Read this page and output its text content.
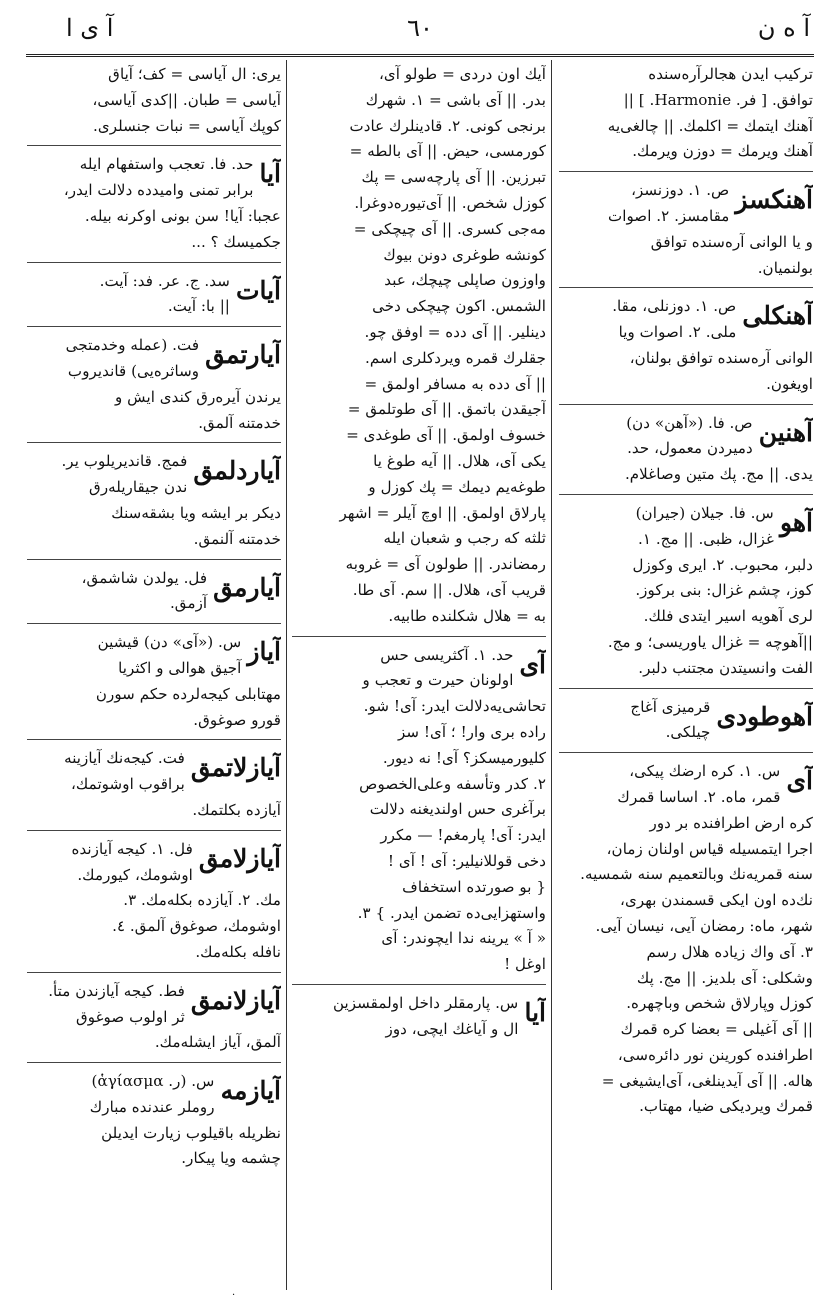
آ ه ن
٦٠
آ ى ا
ترکیب ایدن هجالرآره‌سنده
توافق. [ فر. Harmonie. ] ||
آهنك ایتمك = اكلمك. || چالغی‌یه
آهنك ویرمك = دوزن ویرمك.
آهنکسز
ص. ۱. دوزنسز،
مقامسز. ۲. اصوات
و یا الوانی آره‌سنده توافق
بولنمیان.
آهنکلی
ص. ۱. دوزنلی، مقا.
ملی. ۲. اصوات ویا
الوانی آره‌سنده توافق بولنان،
اویغون.
آهنین
ص. فا. («آهن» دن)
دمیردن معمول، حد.
یدی. || مج. پك متین وصاغلام.
آهو
س. فا. جیلان (جیران)
غزال، ظبی. || مج. ۱.
دلبر، محبوب. ۲. ایری وکوزل
کوز، چشم غزال: بنی برکوز.
لری آهویه اسیر ایتدی فلك.
||آهوچه = غزال یاوریسی؛ و مج.
الفت وانسیتدن مجتنب دلبر.
آهوطودی
قرمیزی آغاج
چیلکی.
آی
س. ۱. کره ارضك پیکی،
قمر، ماه. ۲. اساسا قمرك
کره ارض اطرافنده بر دور
اجرا ایتمسیله قیاس اولنان زمان،
سنه قمریه‌نك وبالتعمیم سنه شمسیه.
نك‌ده اون ایکی قسمندن بهری،
شهر، ماه: رمضان آیی، نیسان آیی.
۳. آی واك زیاده هلال رسم
وشکلی: آی بلدیز. || مج. پك
کوزل وپارلاق شخص وباچهره.
|| آی آغیلی = بعضا کره قمرك
اطرافنده کورینن نور دائره‌سی،
هاله. || آی آیدینلغی، آی‌ایشیغی =
قمرك ویردیکی ضیا، مهتاب.
آیك اون دردی = طولو آی،
بدر. || آی باشی = ۱. شهرك
برنجی کونی. ۲. قادینلرك عادت
کورمسی، حیض. || آی بالطه =
تبرزین. || آی پارچه‌سی = پك
کوزل شخص. || آی‌تیوره‌دوغرا.
مه‌جی کسری. || آی چیچکی =
کونشه طوغری دونن بیوك
واوزون صاپلی چیچك، عبد
الشمس. اکون چیچکی دخی
دینلیر. || آی دده = اوفق چو.
جقلرك قمره ویردکلری اسم.
|| آی دده به مسافر اولمق =
آجیقدن باتمق. || آی طوتلمق =
خسوف اولمق. || آی طوغدی =
یکی آی، هلال. || آیه طوغ یا
طوغه‌یم دیمك = پك کوزل و
پارلاق اولمق. || اوچ آیلر = اشهر
ثلثه که رجب و شعبان ایله
رمضاندر. || طولون آی = غروبه
قریب آی، هلال. || سم. آی طا.
به = هلال شکلنده طابیه.
آی
حد. ۱. آکثریسی حس
اولونان حیرت و تعجب و
تحاشی‌یه‌دلالت ایدر: آی! شو.
راده بری وار! ؛ آی! سز
کلیورمیسکز؟ آی! نه دیور.
۲. کدر وتأسفه وعلی‌الخصوص
برآغری حس اولندیغنه دلالت
ایدر: آی! پارمغم! — مکرر
دخی قوللانیلیر: آی ! آی !
{ بو صورتده استخفاف
واستهزایی‌ده تضمن ایدر. } ۳.
« آ » یرینه ندا ایچوندر: آی
اوغل !
آیا
س. پارمقلر داخل اولمقسزین
ال و آیاغك ایچی، دوز
یری: ال آیاسی = کف؛ آیاق
آیاسی = طبان. ||کدی آیاسی،
کوپك آیاسی = نبات جنسلری.
آیا
حد. فا. تعجب واستفهام ایله
برابر تمنی وامیدده دلالت ایدر،
عجبا: آیا! سن بونی اوکرنه بیله.
جکمیسك ؟ ...
آیات
سد. ج. عر. فد: آیت.
|| با: آیت.
آیارتمق
فت. (عمله وخدمتجی
وساثره‌یی) قاندیروب
یرندن آیره‌رق کندی ایش و
خدمتنه آلمق.
آیاردلمق
فمج. قاندیریلوب یر.
ندن جیقاریلەرق
دیکر بر ایشه ویا بشقه‌سنك
خدمتنه آلنمق.
آیارمق
فل. یولدن شاشمق،
آزمق.
آیاز
س. («آی» دن) قیشین
آجیق هوالی و اکثریا
مهتابلی کیجه‌لرده حکم سورن
قورو صوغوق.
آیازلاتمق
فت. کیجه‌نك آیازینه
براقوب اوشوتمك،
آیازده بکلتمك.
آیازلامق
فل. ۱. کیجه آیازنده
اوشومك، کیورمك.
مك. ۲. آیازده بکله‌مك. ۳.
اوشومك، صوغوق آلمق. ٤.
نافله بکله‌مك.
آیازلانمق
فط. کیجه آیازندن متأ.
ثر اولوب صوغوق
آلمق، آیاز ایشله‌مك.
آیازمه
س. (ر. ἁγίασμα)
روملر عندنده مبارك
نظریله باقیلوب زیارت ایدیلن
چشمه ویا پیکار.
·
